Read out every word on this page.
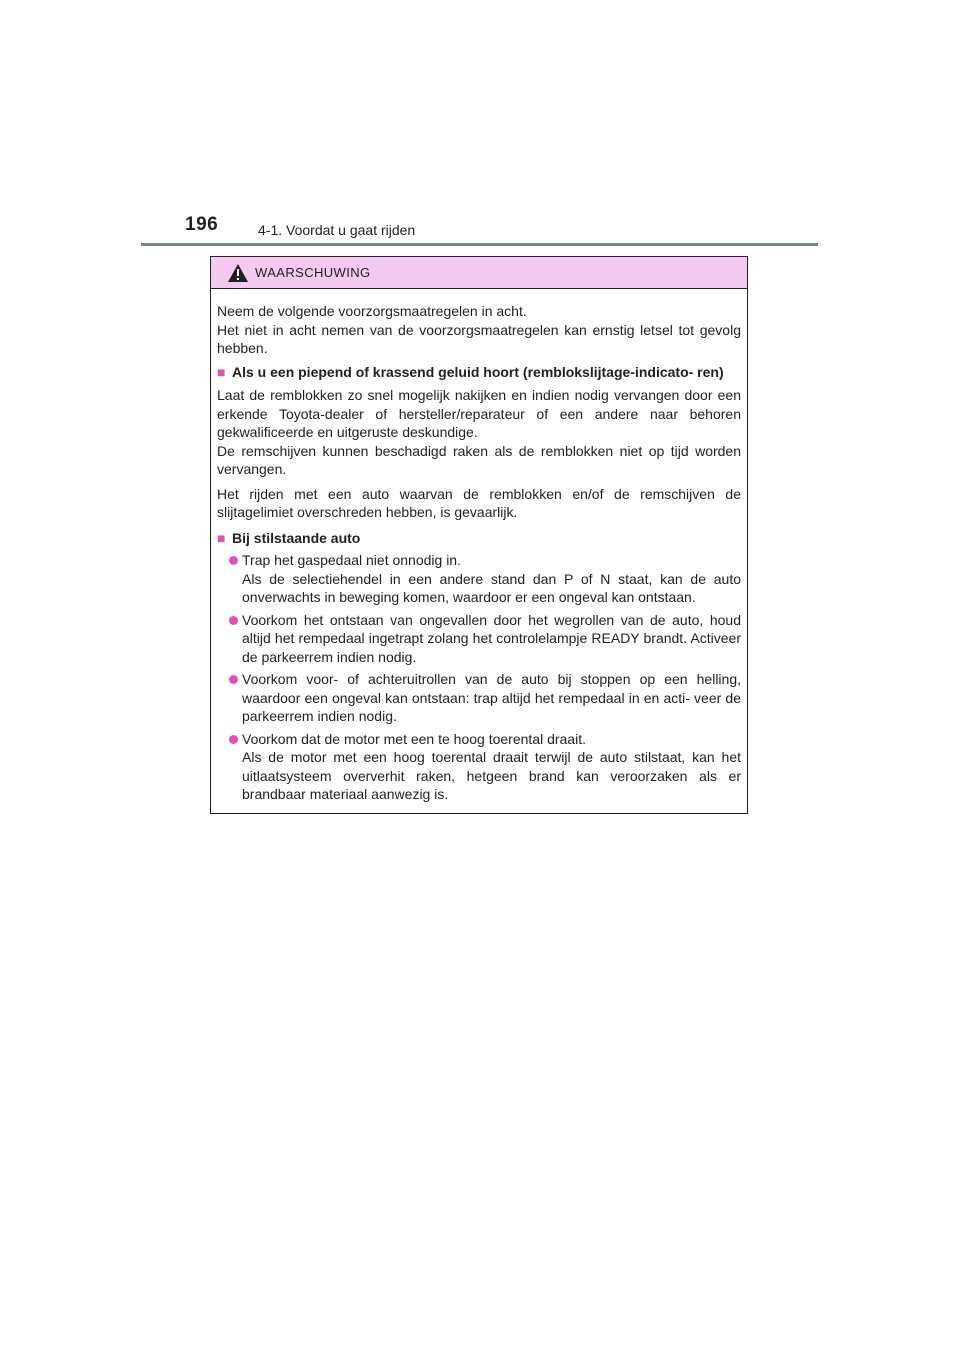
196	4-1. Voordat u gaat rijden
WAARSCHUWING

Neem de volgende voorzorgsmaatregelen in acht.

Het niet in acht nemen van de voorzorgsmaatregelen kan ernstig letsel tot gevolg hebben.

■ Als u een piepend of krassend geluid hoort (remblokslijtage-indicato- ren)

Laat de remblokken zo snel mogelijk nakijken en indien nodig vervangen door een erkende Toyota-dealer of hersteller/reparateur of een andere naar behoren gekwalificeerde en uitgeruste deskundige.

De remschijven kunnen beschadigd raken als de remblokken niet op tijd worden vervangen.

Het rijden met een auto waarvan de remblokken en/of de remschijven de slijtagelimiet overschreden hebben, is gevaarlijk.

■ Bij stilstaande auto
Trap het gaspedaal niet onnodig in.
Als de selectiehendel in een andere stand dan P of N staat, kan de auto onverwachts in beweging komen, waardoor er een ongeval kan ontstaan.
Voorkom het ontstaan van ongevallen door het wegrollen van de auto, houd altijd het rempedaal ingetrapt zolang het controlelampje READY brandt. Activeer de parkeerrem indien nodig.
Voorkom voor- of achteruitrollen van de auto bij stoppen op een helling, waardoor een ongeval kan ontstaan: trap altijd het rempedaal in en acti- veer de parkeerrem indien nodig.
Voorkom dat de motor met een te hoog toerental draait.
Als de motor met een hoog toerental draait terwijl de auto stilstaat, kan het uitlaatsysteem oververhit raken, hetgeen brand kan veroorzaken als er brandbaar materiaal aanwezig is.
